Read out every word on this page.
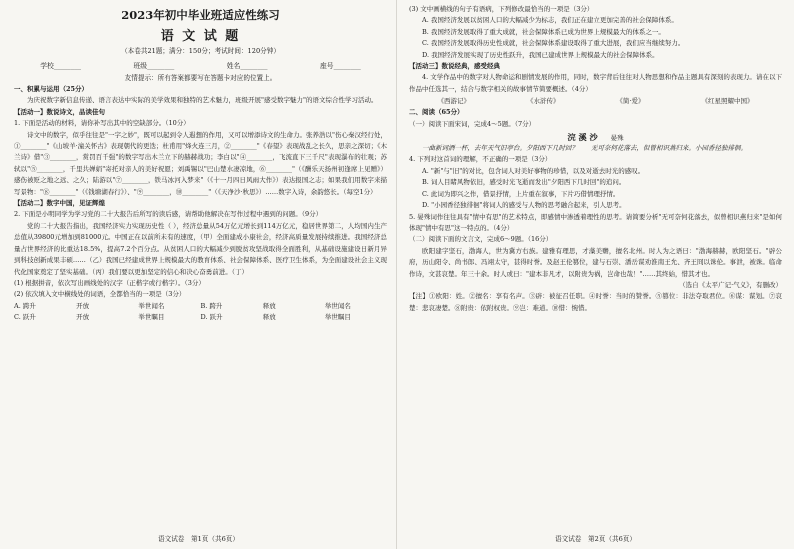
2023年初中毕业班适应性练习
语 文 试 题
（本卷共21题；满分：150分；考试时间：120分钟）
学校________	班级________	姓名________	座号________
友情提示：所有答案都要写在答题卡对应的位置上。

一、积累与运用（25分）

为庆祝数字新信息传递、语言表达中实际的美学效果和独特的艺术魅力，班级开展"感受数字魅力"的语文综合性学习活动。

【活动一】数说诗文，品读佳句

1. 下面是活动的材料，请你补写出其中的空缺部分。（10分）

诗文中的数字，似乎往往是"一字之妙"，既可以起到令人遐想的作用，又可以增添诗文的生命力。张养浩以"伤心秦汉经行处，①________"《山坡羊·潼关怀古》表现朝代的更迭；杜甫用"烽火连三月，②________"《春望》表现战乱之长久，思亲之深切；《木兰诗》借"③________，赏罚百千强"的数字写出木兰立下的赫赫战功；李白以"④________，飞流直下三千尺"表现瀑布的壮观；苏轼以"⑤________，千里共婵娟"寄托对亲人的美好祝愿；刘禹锡以"巴山楚水凄凉地，⑥________"（《酬乐天扬州初逢席上见赠》）感伤被贬之地之远、之久；陆游以"⑦________，铁马冰河入梦来"（《十一月四日风雨大作》）表达报国之志；如果我们用数字来描写景物："⑧________"（《钱塘湖春行》）、"⑨________，⑩________"（《天净沙·秋思》）……数字入诗，余韵悠长。（每空1分）

【活动二】数字中国，见证辉煌

2. 下面是小明同学为学习党的二十大报告后所写的读后感，请帮助他解决在写作过程中遇到的问题。（9分）

党的二十大报告指出，我国经济实力实现历史性（ ），经济总量从54万亿元增长到114万亿元，稳居世界第二，人均国内生产总值从39800元增加到81000元。中国正在以前所未有的速度，（甲）全面建成小康社会，经济高质量发展持续推进。我国经济总量占世界经济的比重达18.5%，提高7.2个百分点。从贫困人口的大幅减少到脱贫攻坚战取得全面胜利，从基础设施建设日新月异到科技创新成果丰硕……（乙）我国已经建成世界上规模最大的教育体系、社会保障体系、医疗卫生体系，为全面建设社会主义现代化国家奠定了坚实基础。（丙）我们要以更加坚定的信心和决心奋勇前进。（丁）

(1) 根据拼音，依次写出画线处的汉字（正楷字或行楷字）。（3分）

(2) 依次填入文中横线处的词语，全都恰当的一项是（3分）

A. 跨升	开放	举世闻名	B. 跨升	释放	举世闻名
C. 跃升	开放	举世瞩目	D. 跃升	释放	举世瞩目
语文试卷　第1页（共6页）

(3) 文中画横线的句子有语病，下列修改最恰当的一项是（3分）

A. 我国经济发展以贫困人口的大幅减少为标志，我们正在建立更加完善的社会保障体系。

B. 我国经济发展取得了重大成就，社会保障体系已成为世界上规模最大的体系之一。

C. 我国经济发展取得历史性成就，社会保障体系建设取得了重大进展，我们应当继续努力。

D. 我国经济发展实现了历史性跃升，我国已建成世界上规模最大的社会保障体系。

【活动三】数说经典，感受经典

4. 文学作品中的数字对人物命运和剧情发展的作用，同时，数字背后往往对人物思想和作品主题具有深刻的表现力。请在以下作品中任选其一，结合与数字相关的故事情节简要概述。（4分）

《西游记》	《水浒传》	《简·爱》	《红星照耀中国》

二、阅读（65分）

（一）阅读下面宋词，完成4～5题。（7分）

浣 溪 沙 晏殊

一曲新词酒一杯，去年天气旧亭台。夕阳西下几时回？　　无可奈何花落去，似曾相识燕归来。小园香径独徘徊。

4. 下列对这首词的理解，不正确的一项是（3分）

A. "新"与"旧"的对比，包含词人对美好事物的珍惜，以及对逝去时光的感叹。

B. 词人目睹风物依旧，感受时光飞逝而发出"夕阳西下几时回"的追问。

C. 此词为即兴之作，借景抒情，上片重在叙事，下片巧借情理抒情。

D. "小园香径独徘徊"将词人的感受与人物的思考融合起来，引人思考。

5. 晏殊词作往往具有"情中有思"的艺术特点，即感情中渗透着理性的思考。请简要分析"无可奈何花落去，似曾相识燕归来"是如何体现"情中有思"这一特点的。（4分）

（二）阅读下面的文言文，完成6～9题。（16分）

欧阳建字坚石，渤海人，世为冀方右族。建雅有理思，才藻美赡，擅名北州。时人为之语曰："渤海赫赫，欧阳坚石。"辟公府，历山阳令、尚书郎、冯翊太守，甚得时誉。及赵王伦篡位，建与石崇、潘岳谋劝淮南王允、齐王冏以诛伦。事泄，被诛。临命作诗，文甚哀楚。年三十余。时人或曰："建本非凡才，以附贵为祸，岂命也哉！"……其终始，惜其才也。

（选自《太平广记·气义》，有删改）

【注】①欧阳：姓。②擅名：享有名声。③辟：被征召任职。④时誉：当时的赞誉。⑤篡位：非法夺取君位。⑥谋：谋划。⑦哀楚：悲哀凄楚。⑧附贵：依附权贵。⑨岂：难道。⑩惜：惋惜。

语文试卷　第2页（共6页）
